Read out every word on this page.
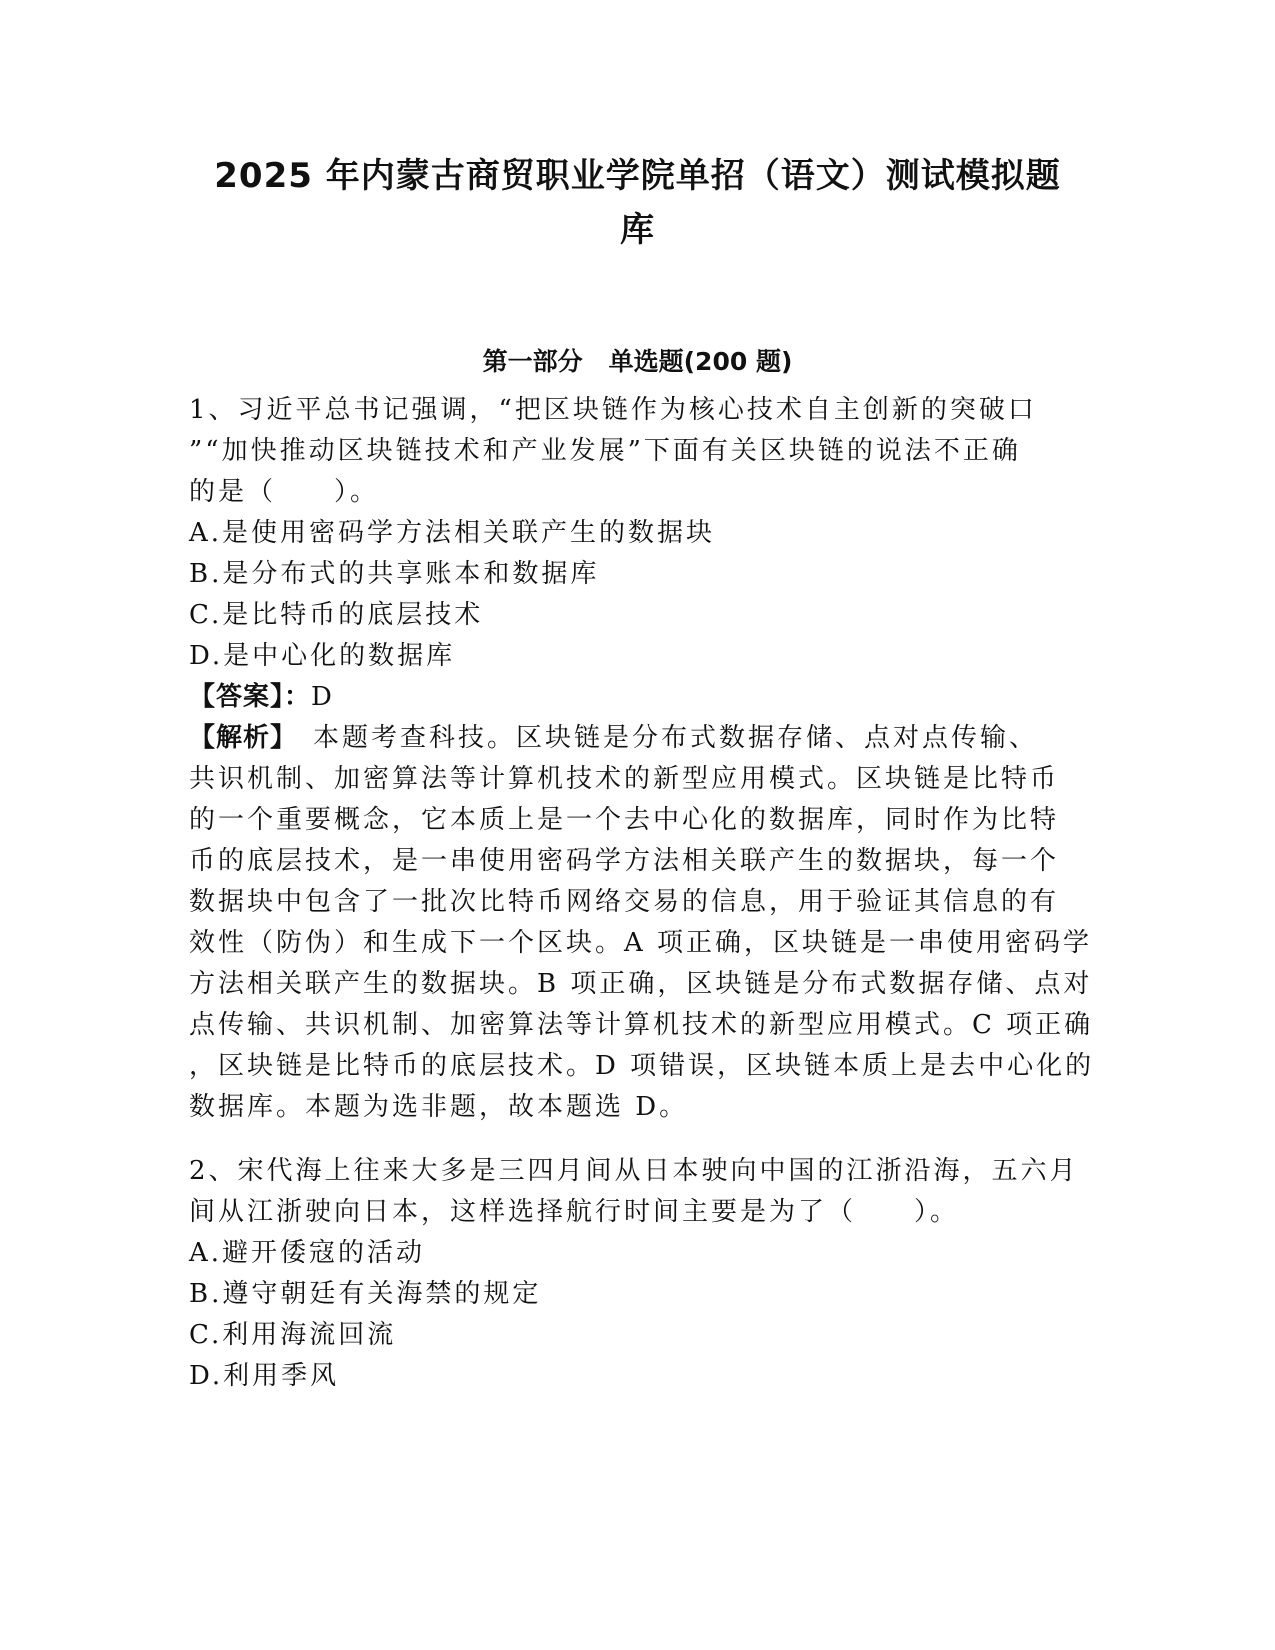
2025 年内蒙古商贸职业学院单招（语文）测试模拟题
库
第一部分 单选题(200 题)
1、习近平总书记强调，“把区块链作为核心技术自主创新的突破口
”“加快推动区块链技术和产业发展”下面有关区块链的说法不正确
的是（　　）。
A.是使用密码学方法相关联产生的数据块
B.是分布式的共享账本和数据库
C.是比特币的底层技术
D.是中心化的数据库
【答案】：D
【解析】　本题考查科技。区块链是分布式数据存储、点对点传输、
共识机制、加密算法等计算机技术的新型应用模式。区块链是比特币
的一个重要概念，它本质上是一个去中心化的数据库，同时作为比特
币的底层技术，是一串使用密码学方法相关联产生的数据块，每一个
数据块中包含了一批次比特币网络交易的信息，用于验证其信息的有
效性（防伪）和生成下一个区块。A 项正确，区块链是一串使用密码学
方法相关联产生的数据块。B 项正确，区块链是分布式数据存储、点对
点传输、共识机制、加密算法等计算机技术的新型应用模式。C 项正确
，区块链是比特币的底层技术。D 项错误，区块链本质上是去中心化的
数据库。本题为选非题，故本题选 D。
2、宋代海上往来大多是三四月间从日本驶向中国的江浙沿海，五六月
间从江浙驶向日本，这样选择航行时间主要是为了（　　）。
A.避开倭寇的活动
B.遵守朝廷有关海禁的规定
C.利用海流回流
D.利用季风
